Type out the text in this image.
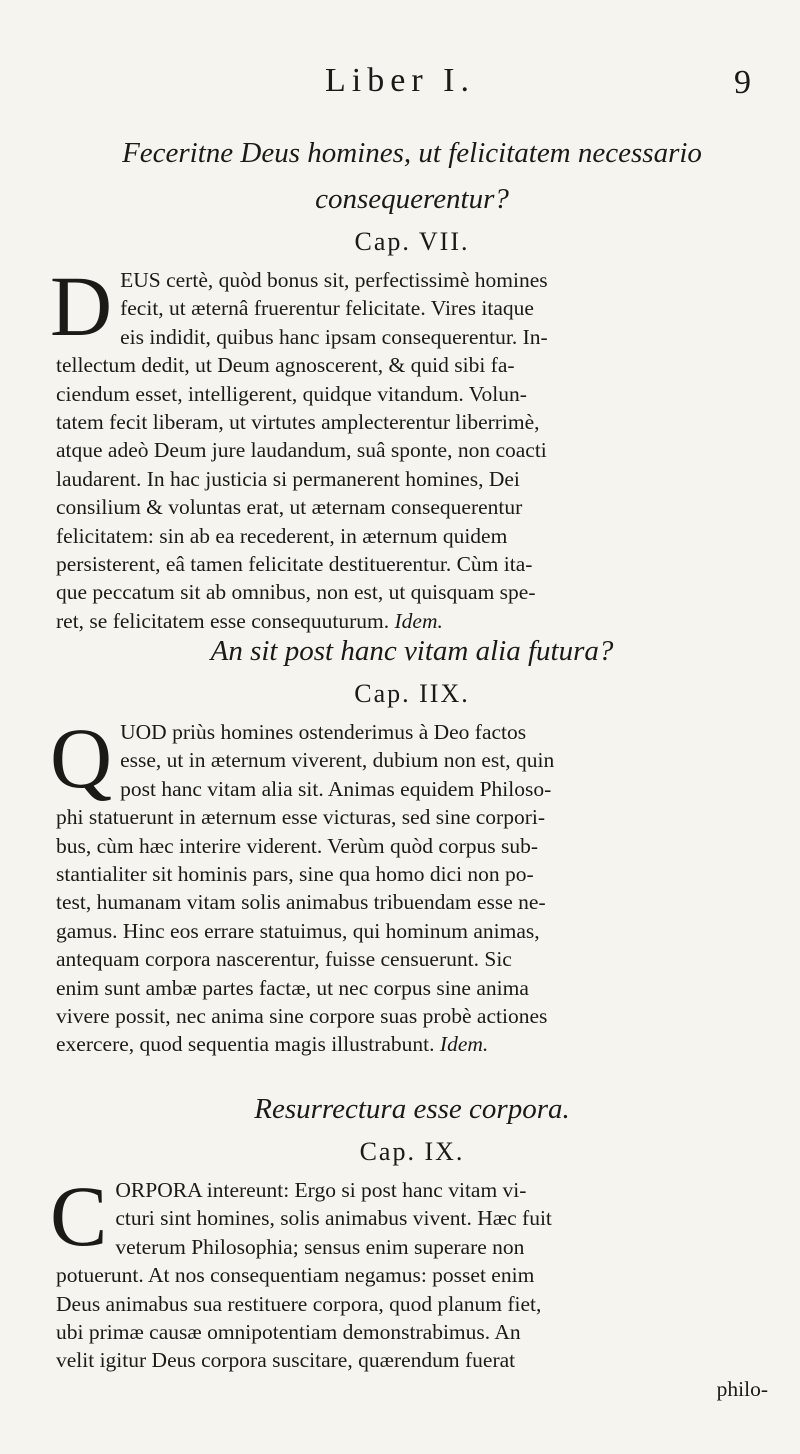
Liber I.	9

Feceritne Deus homines, ut felicitatem necessario
consequerentur?

Cap. VII.

D EUS certè, quòd bonus sit, perfectissimè homines
fecit, ut æternâ fruerentur felicitate. Vires itaque
eis indidit, quibus hanc ipsam consequerentur. In-
tellectum dedit, ut Deum agnoscerent, & quid sibi fa-
ciendum esset, intelligerent, quidque vitandum. Volun-
tatem fecit liberam, ut virtutes amplecterentur liberrimè,
atque adeò Deum jure laudandum, suâ sponte, non coacti
laudarent. In hac justicia si permanerent homines, Dei
consilium & voluntas erat, ut æternam consequerentur
felicitatem: sin ab ea recederent, in æternum quidem
persisterent, eâ tamen felicitate destituerentur. Cùm ita-
que peccatum sit ab omnibus, non est, ut quisquam spe-
ret, se felicitatem esse consequuturum. Idem.

An sit post hanc vitam alia futura?

Cap. IIX.

Q UOD priùs homines ostenderimus à Deo factos
esse, ut in æternum viverent, dubium non est, quin
post hanc vitam alia sit. Animas equidem Philoso-
phi statuerunt in æternum esse victuras, sed sine corpori-
bus, cùm hæc interire viderent. Verùm quòd corpus sub-
stantialiter sit hominis pars, sine qua homo dici non po-
test, humanam vitam solis animabus tribuendam esse ne-
gamus. Hinc eos errare statuimus, qui hominum animas,
antequam corpora nascerentur, fuisse censuerunt. Sic
enim sunt ambæ partes factæ, ut nec corpus sine anima
vivere possit, nec anima sine corpore suas probè actiones
exercere, quod sequentia magis illustrabunt. Idem.

Resurrectura esse corpora.

Cap. IX.

C ORPORA intereunt: Ergo si post hanc vitam vi-
cturi sint homines, solis animabus vivent. Hæc fuit
veterum Philosophia; sensus enim superare non
potuerunt. At nos consequentiam negamus: posset enim
Deus animabus sua restituere corpora, quod planum fiet,
ubi primæ causæ omnipotentiam demonstrabimus. An
velit igitur Deus corpora suscitare, quærendum fuerat
philo-
